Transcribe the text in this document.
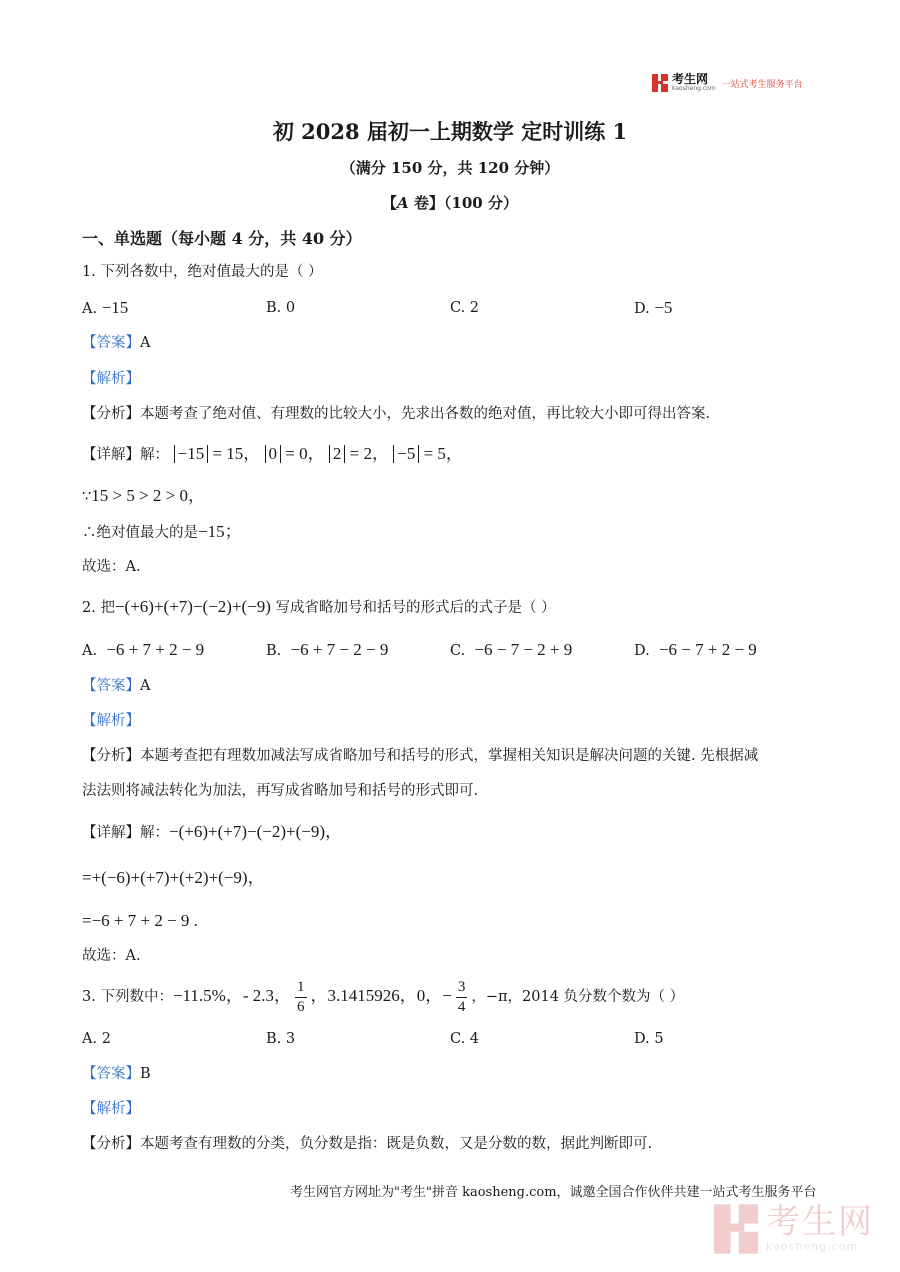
考生网
kaosheng.com 一站式考生服务平台
初 2028 届初一上期数学 定时训练 1
（满分 150 分，共 120 分钟）
【A 卷】（100 分）
一、单选题（每小题 4 分，共 40 分）
1. 下列各数中，绝对值最大的是（ ）
A. −15	B. 0	C. 2	D. −5
【答案】A
【解析】
【分析】本题考查了绝对值、有理数的比较大小，先求出各数的绝对值，再比较大小即可得出答案.
【详解】解： −15 = 15， 0 = 0， 2 = 2， −5 = 5，
∵15 > 5 > 2 > 0，
∴绝对值最大的是−15；
故选：A.
2. 把−(+6)+(+7)−(−2)+(−9) 写成省略加号和括号的形式后的式子是（ ）
A. −6 + 7 + 2 − 9	B. −6 + 7 − 2 − 9	C. −6 − 7 − 2 + 9	D. −6 − 7 + 2 − 9
【答案】A
【解析】
【分析】本题考查把有理数加减法写成省略加号和括号的形式，掌握相关知识是解决问题的关键. 先根据减
法法则将减法转化为加法，再写成省略加号和括号的形式即可.
【详解】解：−(+6)+(+7)−(−2)+(−9)，
=+(−6)+(+7)+(+2)+(−9)，
=−6 + 7 + 2 − 9 .
故选：A.
3. 下列数中：−11.5%，- 2.3， $\frac{1}{6}$ ，3.1415926，0，− $\frac{3}{4}$ ，−π，2014 负分数个数为（ ）
A. 2	B. 3	C. 4	D. 5
【答案】B
【解析】
【分析】本题考查有理数的分类，负分数是指：既是负数，又是分数的数，据此判断即可.
考生网官方网址为"考生"拼音 kaosheng.com，诚邀全国合作伙伴共建一站式考生服务平台
考生网
kaosheng.com
